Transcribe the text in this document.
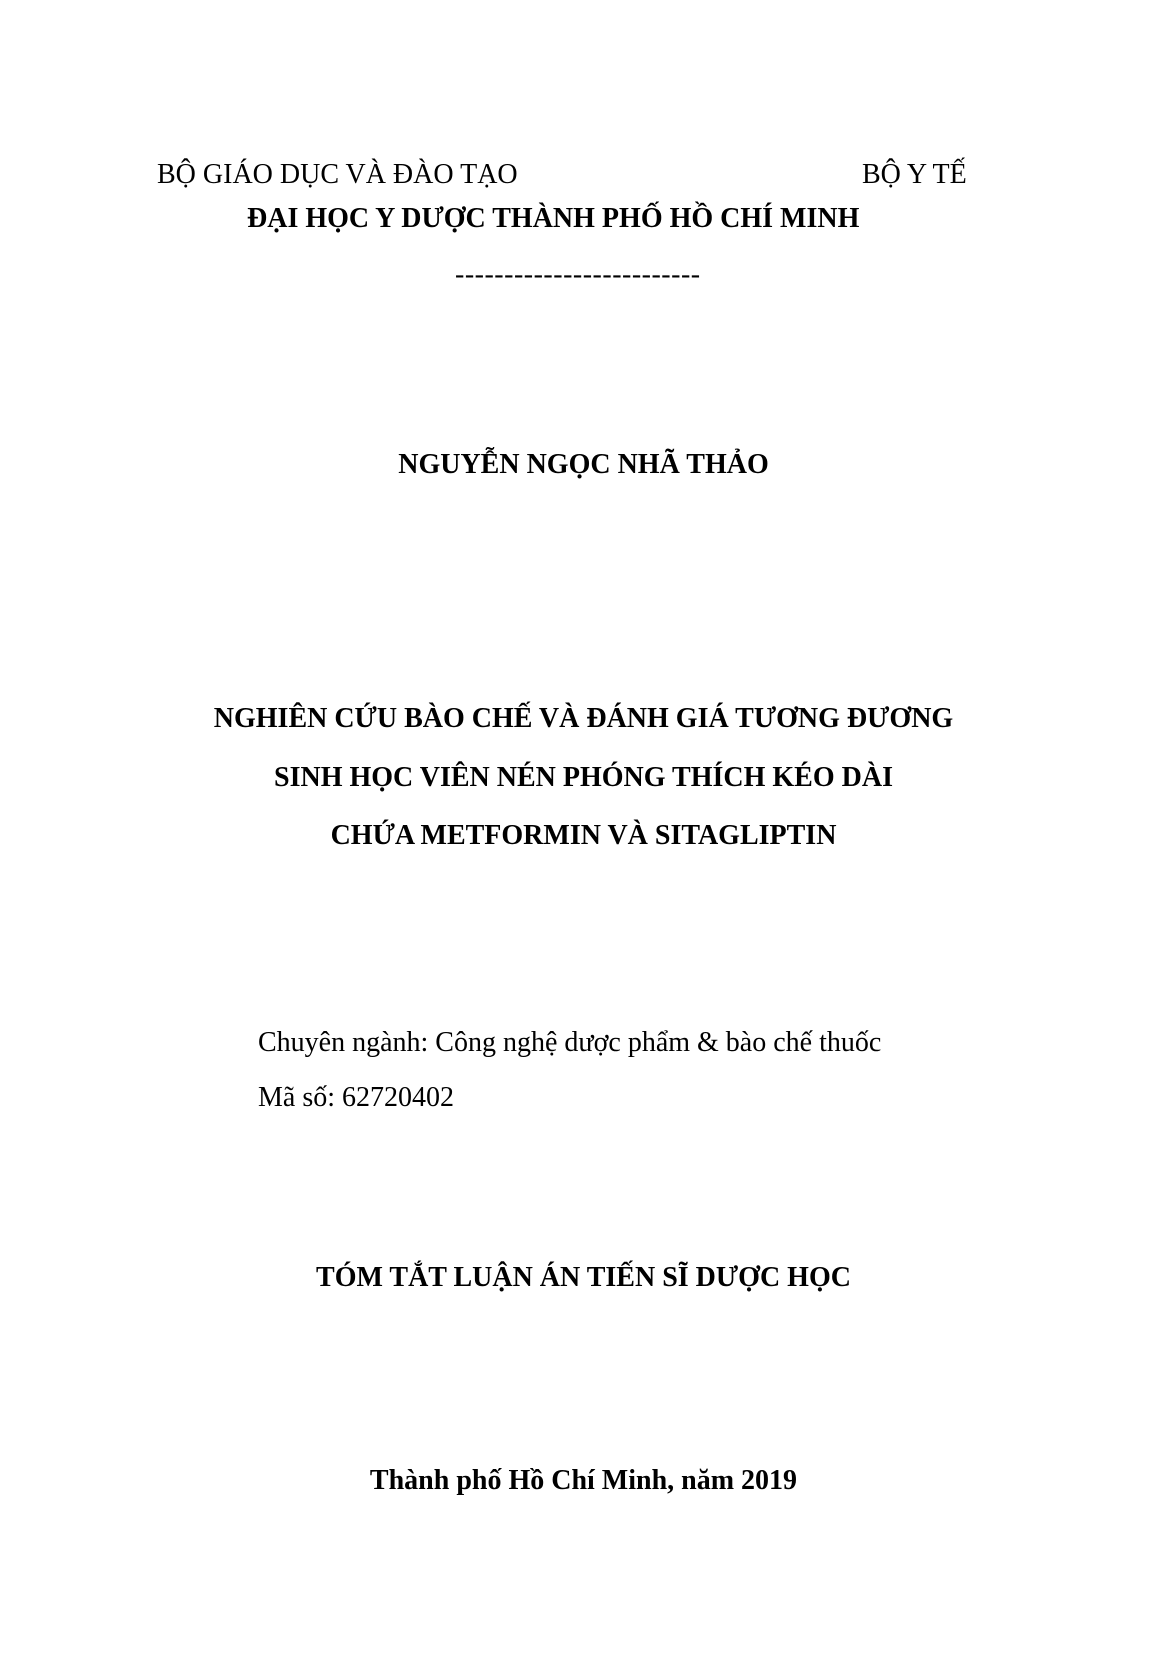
BỘ GIÁO DỤC VÀ ĐÀO TẠO	BỘ Y TẾ
ĐẠI HỌC Y DƯỢC THÀNH PHỐ HỒ CHÍ MINH
-------------------------
NGUYỄN NGỌC NHÃ THẢO
NGHIÊN CỨU BÀO CHẾ VÀ ĐÁNH GIÁ TƯƠNG ĐƯƠNG
SINH HỌC VIÊN NÉN PHÓNG THÍCH KÉO DÀI
CHỨA METFORMIN VÀ SITAGLIPTIN
Chuyên ngành: Công nghệ dược phẩm & bào chế thuốc
Mã số: 62720402
TÓM TẮT LUẬN ÁN TIẾN SĨ DƯỢC HỌC
Thành phố Hồ Chí Minh, năm 2019
